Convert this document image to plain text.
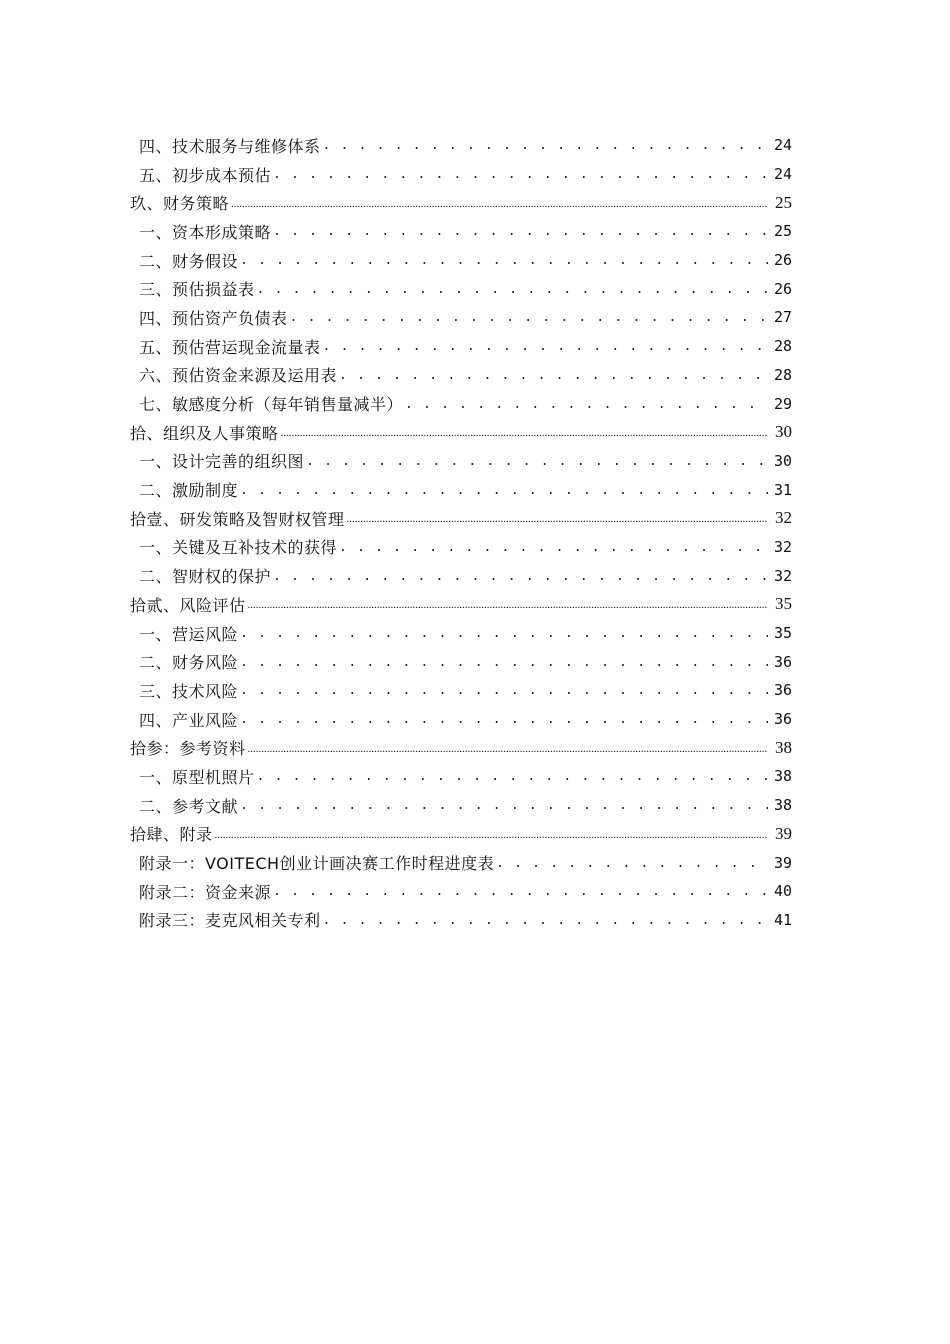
四、技术服务与维修体系 . . .	24
五、初步成本预估 . . .	24
玖、财务策略 .....	25
一、资本形成策略 . . .	25
二、财务假设 . . .	26
三、预估损益表 . . .	26
四、预估资产负债表 . . .	27
五、预估营运现金流量表 . . .	28
六、预估资金来源及运用表 . . .	28
七、敏感度分析（每年销售量减半） . . .	29
拾、组织及人事策略 .....	30
一、设计完善的组织图 . . .	30
二、激励制度 . . .	31
拾壹、研发策略及智财权管理 .....	32
一、关键及互补技术的获得 . . .	32
二、智财权的保护 . . .	32
拾贰、风险评估 .....	35
一、营运风险 . . .	35
二、财务风险 . . .	36
三、技术风险 . . .	36
四、产业风险 . . .	36
拾参：参考资料 .....	38
一、原型机照片 . . .	38
二、参考文献 . . .	38
拾肆、附录 .....	39
附录一：VOITECH创业计画决赛工作时程进度表 . . .	39
附录二：资金来源 . . .	40
附录三：麦克风相关专利 . . .	41
